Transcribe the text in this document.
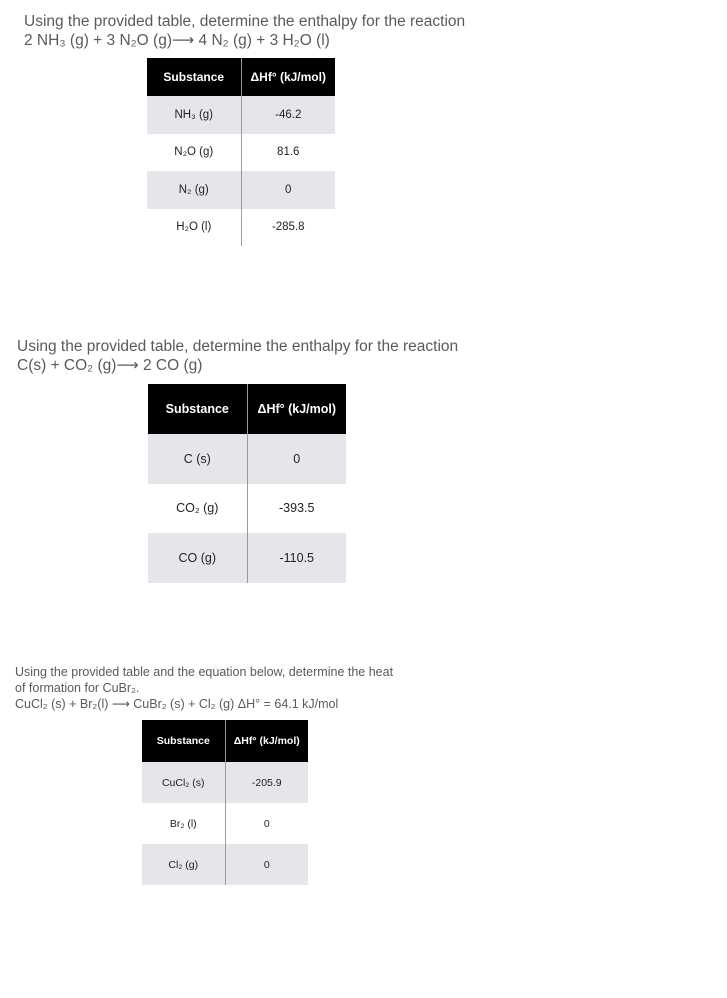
Using the provided table, determine the enthalpy for the reaction

2 NH₃ (g) + 3 N₂O (g)⟶ 4 N₂ (g) + 3 H₂O (l)

Substance	ΔHf° (kJ/mol)
NH₃ (g)	-46.2
N₂O (g)	81.6
N₂ (g)	0
H₂O (l)	-285.8

Using the provided table, determine the enthalpy for the reaction

C(s) + CO₂ (g)⟶ 2 CO (g)

Substance	ΔHf° (kJ/mol)
C (s)	0
CO₂ (g)	-393.5
CO (g)	-110.5

Using the provided table and the equation below, determine the heat

of formation for CuBr₂.

CuCl₂ (s) + Br₂(l) ⟶ CuBr₂ (s) + Cl₂ (g) ΔH° = 64.1 kJ/mol

Substance	ΔHf° (kJ/mol)
CuCl₂ (s)	-205.9
Br₂ (l)	0
Cl₂ (g)	0
